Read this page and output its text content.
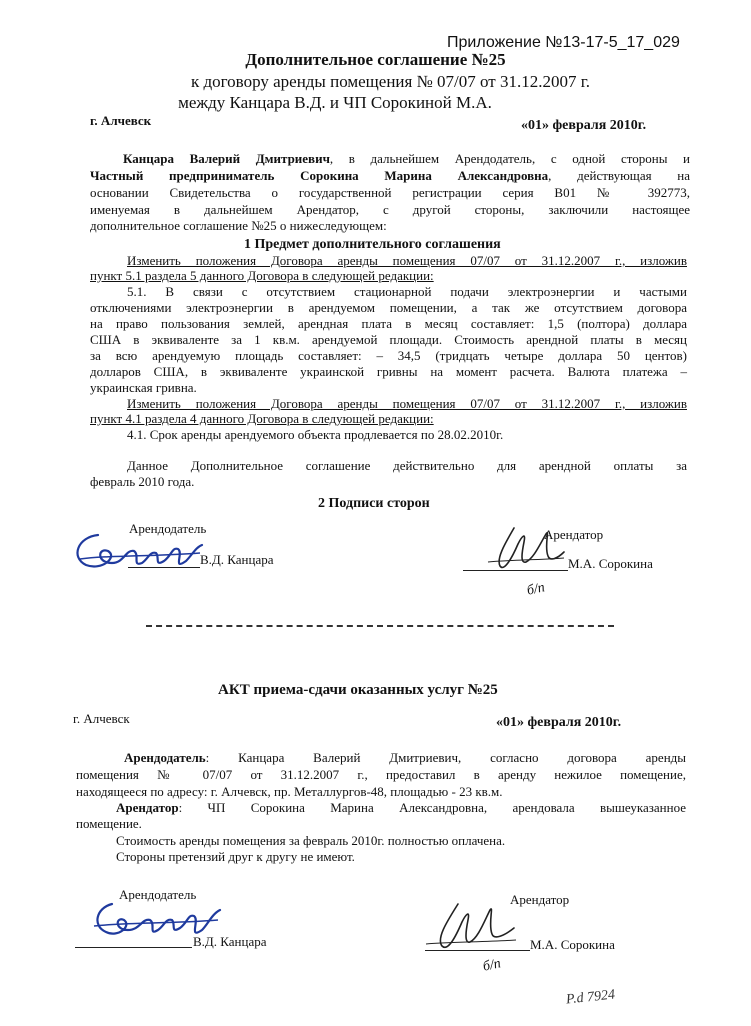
Приложение №13-17-5_17_029
Дополнительное соглашение №25
к договору аренды помещения № 07/07 от 31.12.2007 г.
между Канцара В.Д. и ЧП Сорокиной М.А.
г. Алчевск	«01» февраля 2010г.
Канцара Валерий Дмитриевич, в дальнейшем Арендодатель, с одной стороны и
Частный предприниматель Сорокина Марина Александровна, действующая на
основании Свидетельства о государственной регистрации серия В01 № 392773,
именуемая в дальнейшем Арендатор, с другой стороны, заключили настоящее
дополнительное соглашение №25 о нижеследующем:
1 Предмет дополнительного соглашения
Изменить положения Договора аренды помещения 07/07 от 31.12.2007 г., изложив
пункт 5.1 раздела 5 данного Договора в следующей редакции:
5.1. В связи с отсутствием стационарной подачи электроэнергии и частыми
отключениями электроэнергии в арендуемом помещении, а так же отсутствием договора
на право пользования землей, арендная плата в месяц составляет: 1,5 (полтора) доллара
США в эквиваленте за 1 кв.м. арендуемой площади. Стоимость арендной платы в месяц
за всю арендуемую площадь составляет: – 34,5 (тридцать четыре доллара 50 центов)
долларов США, в эквиваленте украинской гривны на момент расчета. Валюта платежа –
украинская гривна.
Изменить положения Договора аренды помещения 07/07 от 31.12.2007 г., изложив
пункт 4.1 раздела 4 данного Договора в следующей редакции:
4.1. Срок аренды арендуемого объекта продлевается по 28.02.2010г.
Данное Дополнительное соглашение действительно для арендной оплаты за
февраль 2010 года.
2 Подписи сторон
Арендодатель
В.Д. Канцара
Арендатор
М.А. Сорокина
б/п
АКТ приема-сдачи оказанных услуг №25
г. Алчевск	«01» февраля 2010г.
Арендодатель: Канцара Валерий Дмитриевич, согласно договора аренды
помещения № 07/07 от 31.12.2007 г., предоставил в аренду нежилое помещение,
находящееся по адресу: г. Алчевск, пр. Металлургов-48, площадью - 23 кв.м.
Арендатор: ЧП Сорокина Марина Александровна, арендовала вышеуказанное
помещение.
Стоимость аренды помещения за февраль 2010г. полностью оплачена.
Стороны претензий друг к другу не имеют.
Арендодатель
В.Д. Канцара
Арендатор
М.А. Сорокина
б/п
Р.d 7924
